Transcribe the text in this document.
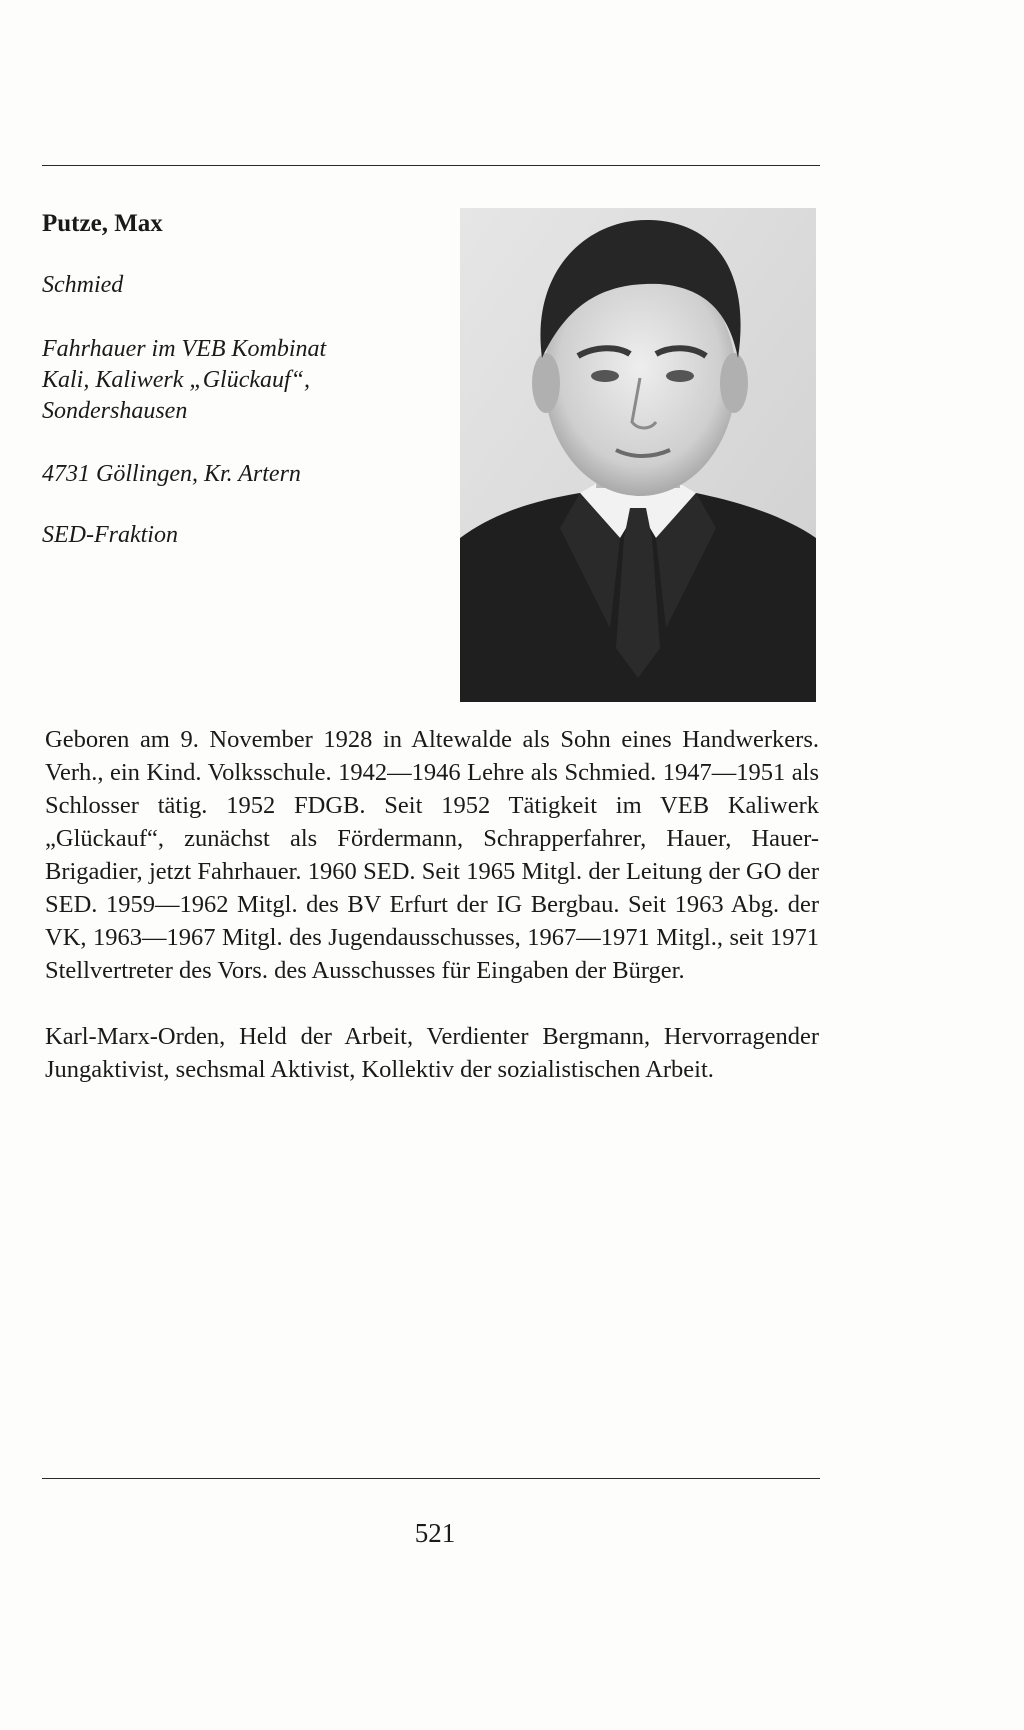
Putze, Max
Schmied
Fahrhauer im VEB Kombinat
Kali, Kaliwerk „Glückauf“,
Sondershausen
4731 Göllingen, Kr. Artern
SED-Fraktion
Geboren am 9. November 1928 in Altewalde als Sohn eines Handwerkers. Verh., ein Kind. Volksschule. 1942—1946 Lehre als Schmied. 1947—1951 als Schlosser tätig. 1952 FDGB. Seit 1952 Tätigkeit im VEB Kaliwerk „Glückauf“, zunächst als Fördermann, Schrapperfahrer, Hauer, Hauer-Brigadier, jetzt Fahrhauer. 1960 SED. Seit 1965 Mitgl. der Leitung der GO der SED. 1959—1962 Mitgl. des BV Erfurt der IG Bergbau. Seit 1963 Abg. der VK, 1963—1967 Mitgl. des Jugendausschusses, 1967—1971 Mitgl., seit 1971 Stellvertreter des Vors. des Ausschusses für Eingaben der Bürger.
Karl-Marx-Orden, Held der Arbeit, Verdienter Bergmann, Hervorragender Jungaktivist, sechsmal Aktivist, Kollektiv der sozialistischen Arbeit.
521
